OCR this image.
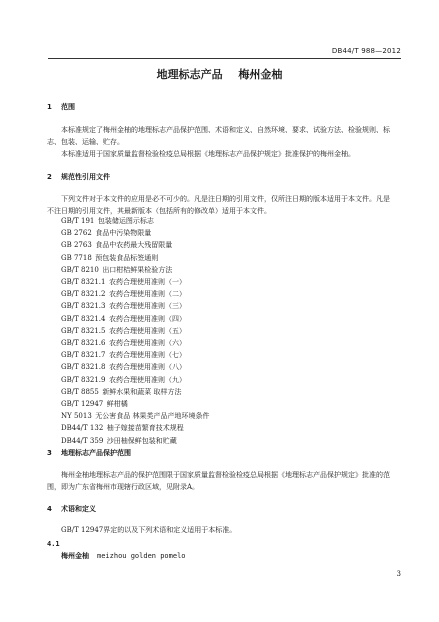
DB44/T 988—2012
地理标志产品 梅州金柚
1 范围
本标准规定了梅州金柚的地理标志产品保护范围、术语和定义、自然环境、要求、试验方法、检验规则、标志、包装、运输、贮存。
本标准适用于国家质量监督检验检疫总局根据《地理标志产品保护规定》批准保护的梅州金柚。
2 规范性引用文件
下列文件对于本文件的应用是必不可少的。凡是注日期的引用文件，仅所注日期的版本适用于本文件。凡是不注日期的引用文件，其最新版本（包括所有的修改单）适用于本文件。
GB/T 191  包装储运图示标志
GB 2762  食品中污染物限量
GB 2763  食品中农药最大残留限量
GB 7718  预包装食品标签通则
GB/T 8210  出口柑桔鲜果检验方法
GB/T 8321.1  农药合理使用准则（一）
GB/T 8321.2  农药合理使用准则（二）
GB/T 8321.3  农药合理使用准则（三）
GB/T 8321.4  农药合理使用准则（四）
GB/T 8321.5  农药合理使用准则（五）
GB/T 8321.6  农药合理使用准则（六）
GB/T 8321.7  农药合理使用准则（七）
GB/T 8321.8  农药合理使用准则（八）
GB/T 8321.9  农药合理使用准则（九）
GB/T 8855  新鲜水果和蔬菜 取样方法
GB/T 12947  鲜柑橘
NY 5013  无公害食品 林果类产品产地环境条件
DB44/T 132  柚子嫁接苗繁育技术规程
DB44/T 359  沙田柚保鲜包装和贮藏
3 地理标志产品保护范围
梅州金柚地理标志产品的保护范围限于国家质量监督检验检疫总局根据《地理标志产品保护规定》批准的范围，即为广东省梅州市现辖行政区域，见附录A。
4 术语和定义
GB/T 12947界定的以及下列术语和定义适用于本标准。
4.1
梅州金柚 meizhou golden pomelo
3
